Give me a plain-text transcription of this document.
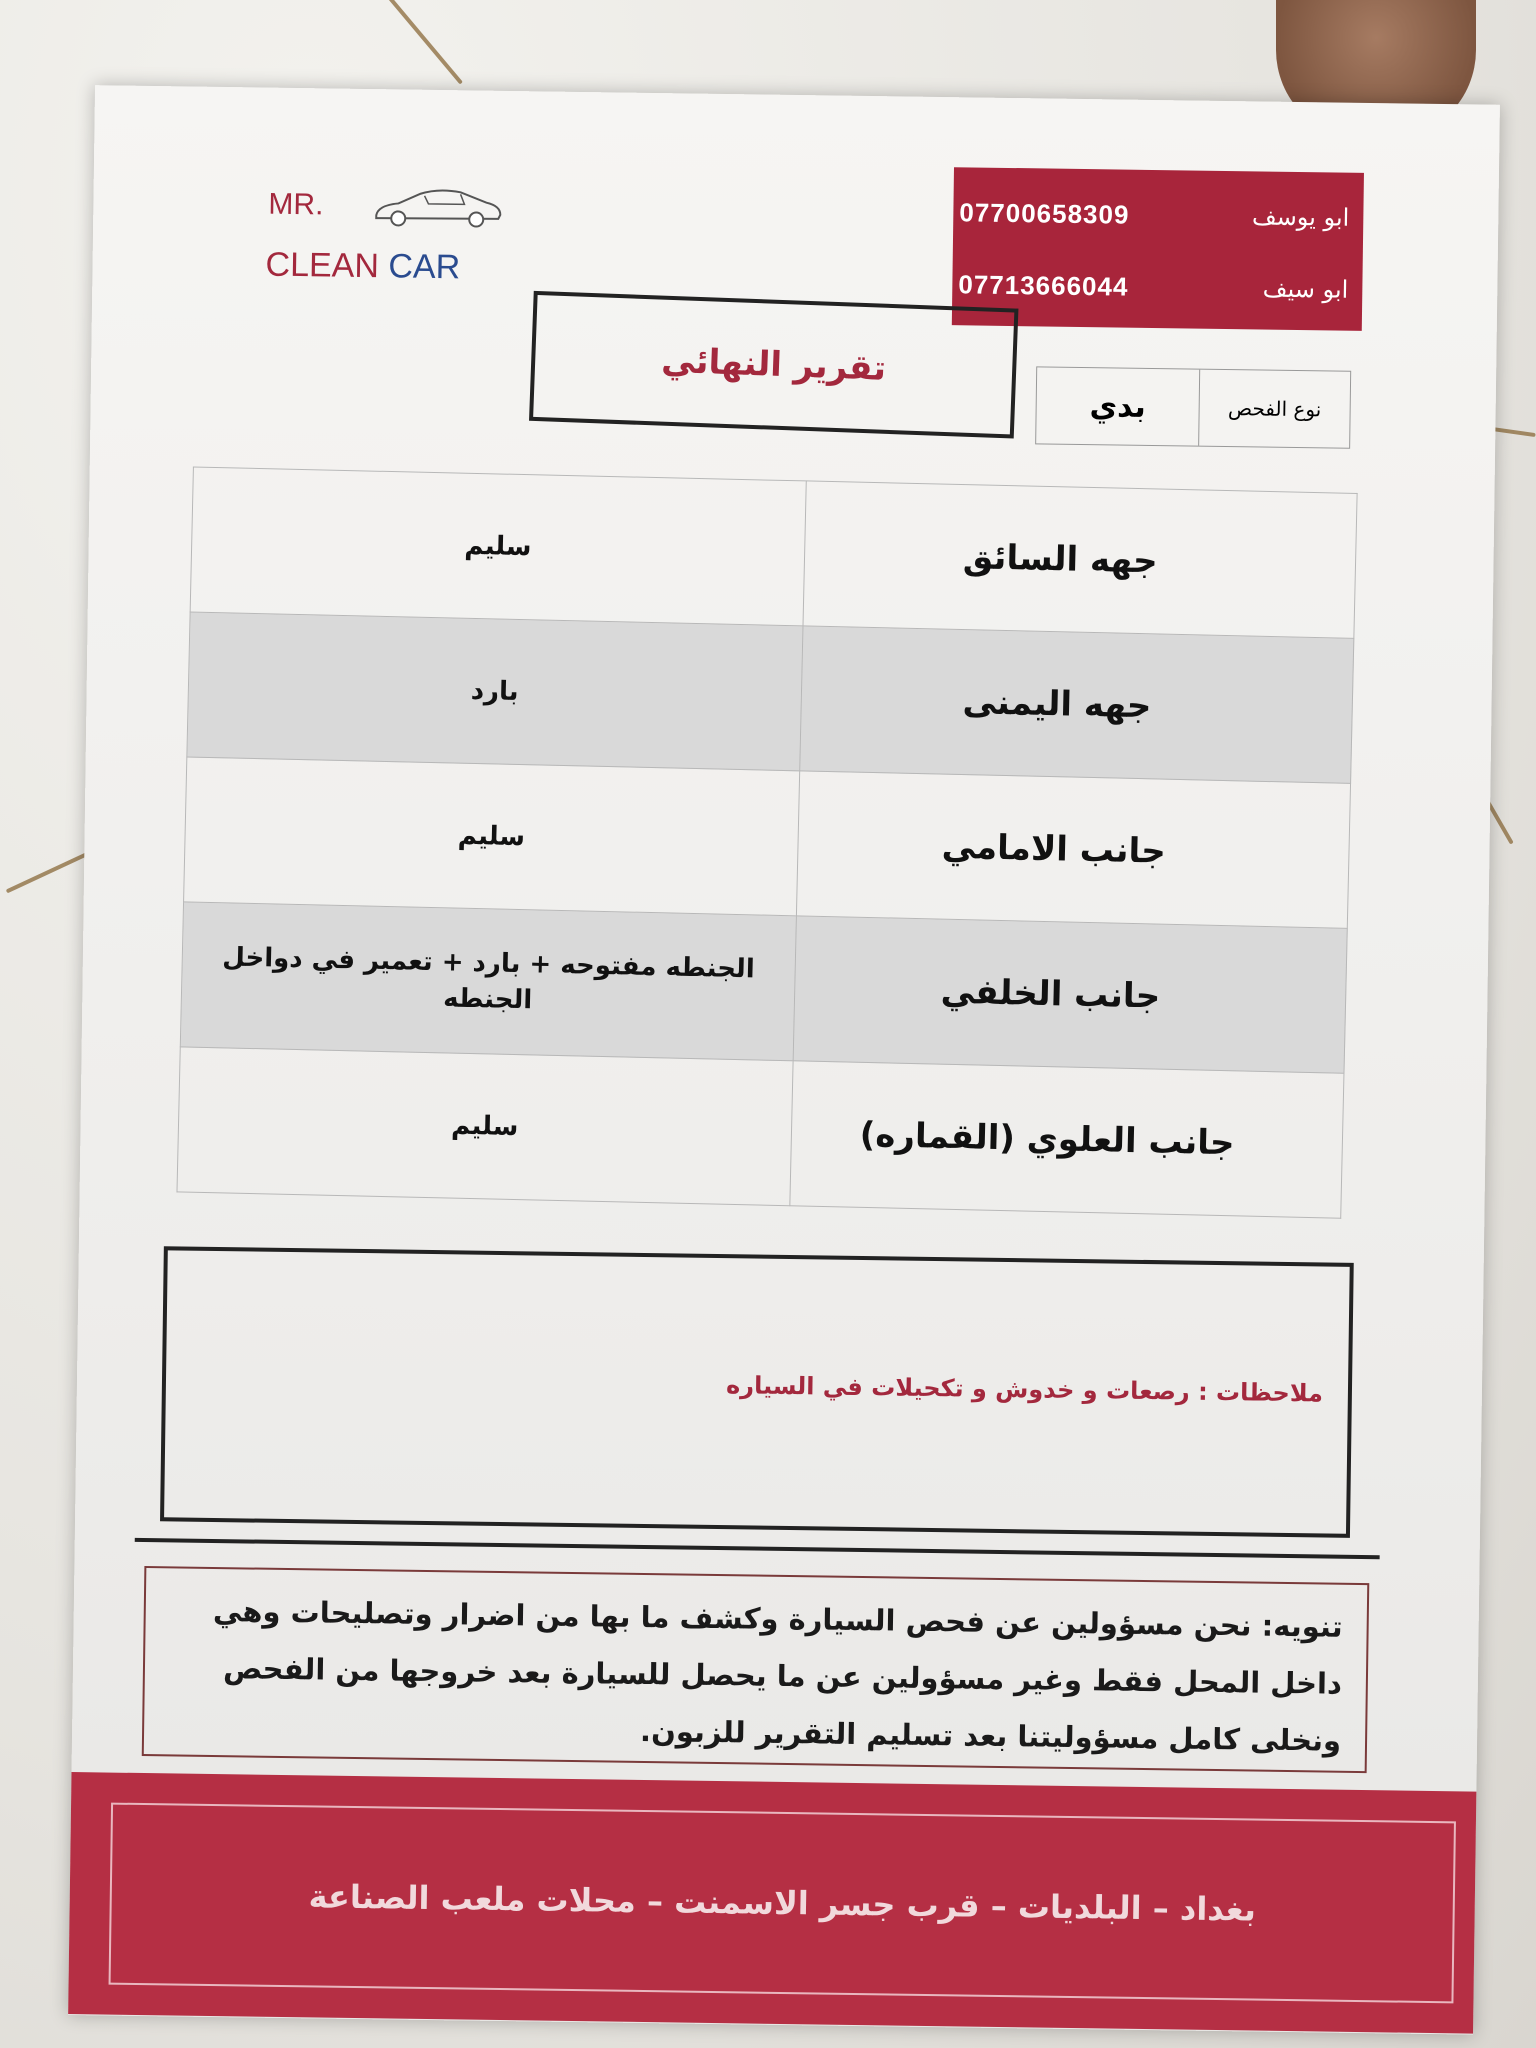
MR.
CLEAN CAR
07700658309	ابو يوسف
07713666044	ابو سيف
تقرير النهائي
نوع الفحص
بدي
جهه السائق	سليم
جهه اليمنى	بارد
جانب الامامي	سليم
جانب الخلفي	الجنطه مفتوحه + بارد + تعمير في دواخل الجنطه
جانب العلوي (القماره)	سليم
ملاحظات : رصعات و خدوش و تكحيلات في السياره
تنويه: نحن مسؤولين عن فحص السيارة وكشف ما بها من اضرار وتصليحات وهي داخل المحل فقط وغير مسؤولين عن ما يحصل للسيارة بعد خروجها من الفحص ونخلى كامل مسؤوليتنا بعد تسليم التقرير للزبون.
بغداد – البلديات – قرب جسر الاسمنت – محلات ملعب الصناعة
